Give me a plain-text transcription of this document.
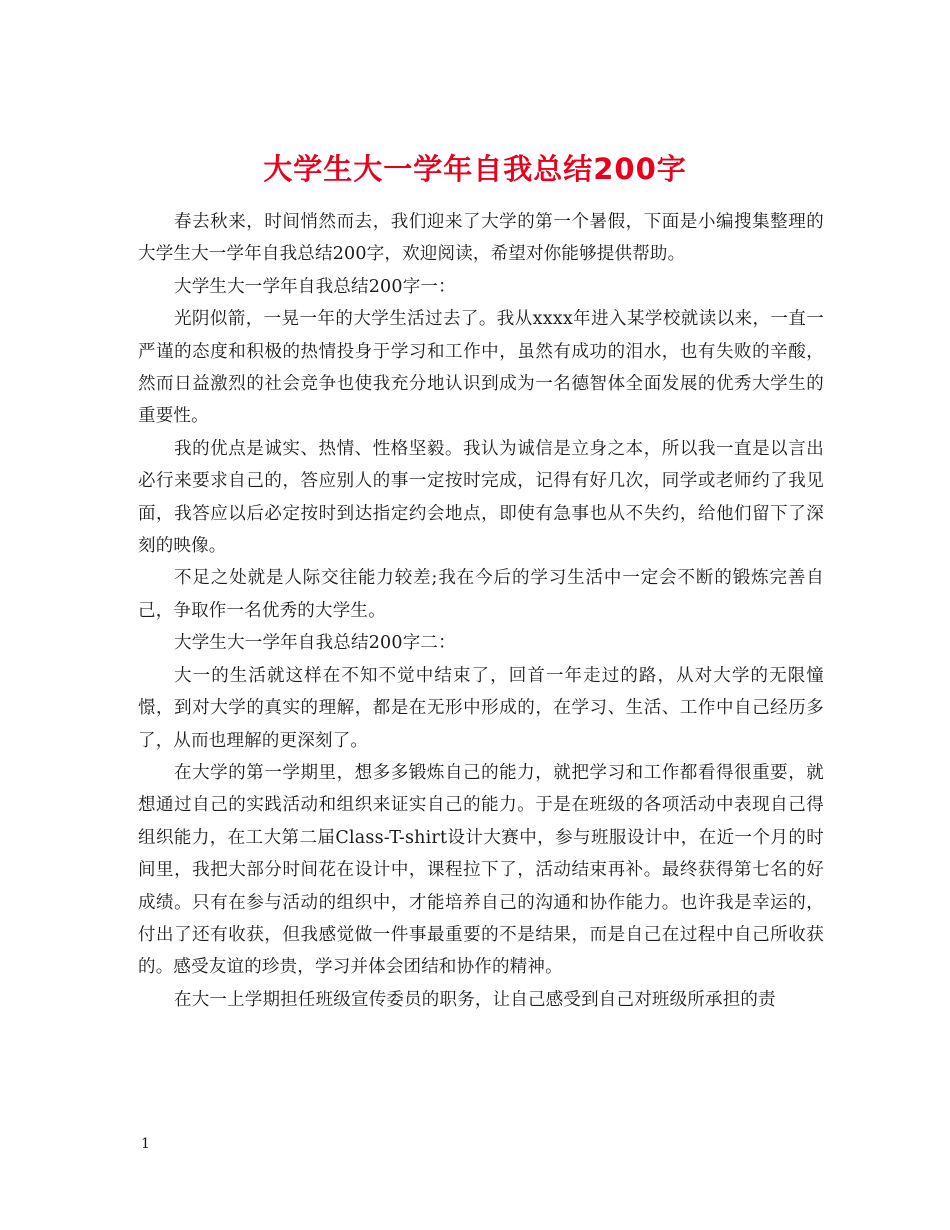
大学生大一学年自我总结200字

春去秋来，时间悄然而去，我们迎来了大学的第一个暑假，下面是小编搜集整理的大学生大一学年自我总结200字，欢迎阅读，希望对你能够提供帮助。

大学生大一学年自我总结200字一：

光阴似箭，一晃一年的大学生活过去了。我从xxxx年进入某学校就读以来，一直一严谨的态度和积极的热情投身于学习和工作中，虽然有成功的泪水，也有失败的辛酸，然而日益激烈的社会竞争也使我充分地认识到成为一名德智体全面发展的优秀大学生的重要性。

我的优点是诚实、热情、性格坚毅。我认为诚信是立身之本，所以我一直是以言出必行来要求自己的，答应别人的事一定按时完成，记得有好几次，同学或老师约了我见面，我答应以后必定按时到达指定约会地点，即使有急事也从不失约，给他们留下了深刻的映像。

不足之处就是人际交往能力较差;我在今后的学习生活中一定会不断的锻炼完善自己，争取作一名优秀的大学生。

大学生大一学年自我总结200字二：

大一的生活就这样在不知不觉中结束了，回首一年走过的路，从对大学的无限憧憬，到对大学的真实的理解，都是在无形中形成的，在学习、生活、工作中自己经历多了，从而也理解的更深刻了。

在大学的第一学期里，想多多锻炼自己的能力，就把学习和工作都看得很重要，就想通过自己的实践活动和组织来证实自己的能力。于是在班级的各项活动中表现自己得组织能力，在工大第二届Class-T-shirt设计大赛中，参与班服设计中，在近一个月的时间里，我把大部分时间花在设计中，课程拉下了，活动结束再补。最终获得第七名的好成绩。只有在参与活动的组织中，才能培养自己的沟通和协作能力。也许我是幸运的，付出了还有收获，但我感觉做一件事最重要的不是结果，而是自己在过程中自己所收获的。感受友谊的珍贵，学习并体会团结和协作的精神。

在大一上学期担任班级宣传委员的职务，让自己感受到自己对班级所承担的责

1
